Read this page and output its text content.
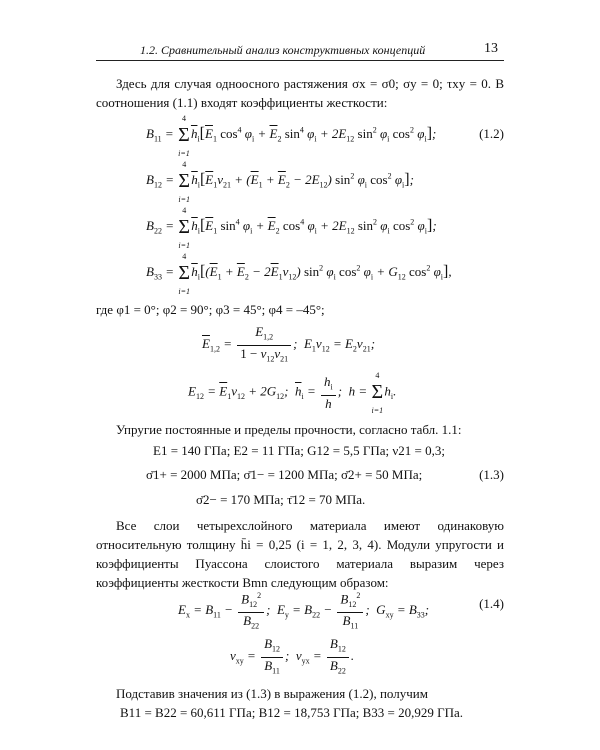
1.2. Сравнительный анализ конструктивных концепций	13
Здесь для случая одноосного растяжения σx = σ0; σy = 0; τxy = 0. В соотношения (1.1) входят коэффициенты жесткости:
$B_{11}$ =
4
Σ
i=1
$\overline{h}_i[\overline{E}_1$ $\cos^4 \varphi_i + \overline{E}_2$ $\sin^4 \varphi_i + 2E_{12}$ $\sin^2 \varphi_i$ $\cos^2 \varphi_i$];	(1.2)
$B_{12}$ =
4
Σ
i=1
$\overline{h}_i[\overline{E}_1\nu_{21} + (\overline{E}_1 + \overline{E}_2 - 2E_{12})$ $\sin^2 \varphi_i$ $\cos^2 \varphi_i$];
$B_{22}$ =
4
Σ
i=1
$\overline{h}_i[\overline{E}_1$ $\sin^4 \varphi_i + \overline{E}_2$ $\cos^4 \varphi_i + 2E_{12}$ $\sin^2 \varphi_i$ $\cos^2 \varphi_i$];
$B_{33}$ =
4
Σ
i=1
$\overline{h}_i[(\overline{E}_1 + \overline{E}_2 - 2\overline{E}_1\nu_{12})$ $\sin^2 \varphi_i$ $\cos^2 \varphi_i + G_{12}$ $\cos^2 \varphi_i$],
где φ1 = 0°; φ2 = 90°; φ3 = 45°; φ4 = –45°;
$\overline{E}_{1,2} = \frac{E_{1,2}}{1 - \nu_{12}\nu_{21}}$ ;  $E_1\nu_{12} = E_2\nu_{21}$;
$E_{12} = \overline{E}_1\nu_{12} + 2G_{12}$;  $\overline{h}_i = \frac{h_i}{h}$ ;  h =
4
Σ
i=1
$h_i$.
Упругие постоянные и пределы прочности, согласно табл. 1.1:
E1 = 140 ГПа; E2 = 11 ГПа; G12 = 5,5 ГПа; ν21 = 0,3;
σ̄1+ = 2000 МПа; σ̄1− = 1200 МПа; σ̄2+ = 50 МПа;	(1.3)
σ̄2− = 170 МПа; τ̄12 = 70 МПа.
Все слои четырехслойного материала имеют одинаковую относительную толщину h̄i = 0,25 (i = 1, 2, 3, 4). Модули упругости и коэффициенты Пуассона слоистого материала выразим через коэффициенты жесткости Bmn следующим образом:
$E_x = B_{11} - \frac{B_{12}^2}{B_{22}}$ ;  $E_y = B_{22} - \frac{B_{12}^2}{B_{11}}$ ;  $G_{xy} = B_{33}$;	(1.4)
$\nu_{xy} = \frac{B_{12}}{B_{11}}$ ;  $\nu_{yx} = \frac{B_{12}}{B_{22}}$ .
Подставив значения из (1.3) в выражения (1.2), получим
B11 = B22 = 60,611 ГПа; B12 = 18,753 ГПа; B33 = 20,929 ГПа.
